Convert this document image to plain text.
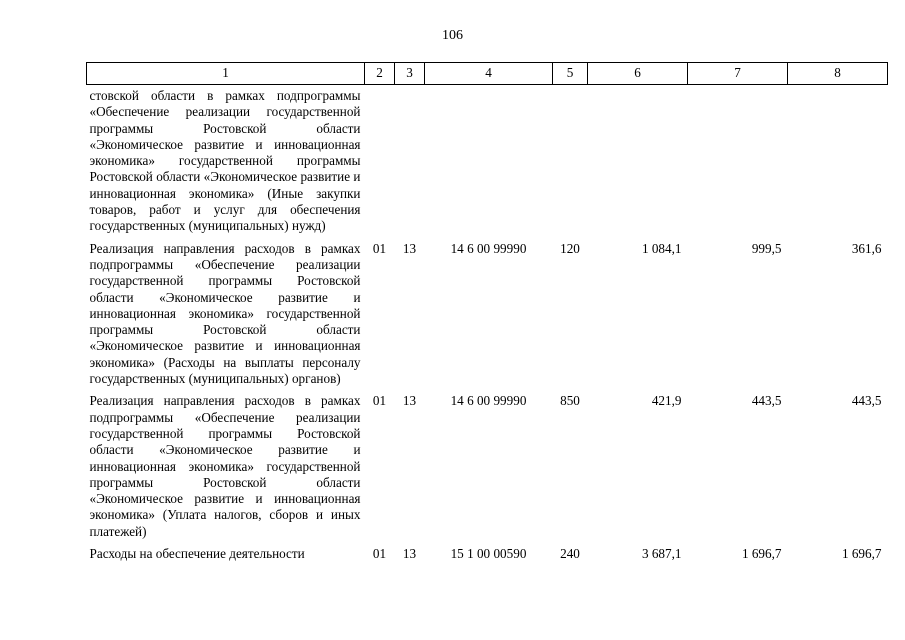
106
1	2	3	4	5	6	7	8
стовской области в рамках подпрограммы «Обеспечение реализации государственной программы Ростовской области «Экономическое развитие и инновационная экономика» государственной программы Ростовской области «Экономическое развитие и инновационная экономика» (Иные закупки товаров, работ и услуг для обеспечения государственных (муниципальных) нужд)							
Реализация направления расходов в рамках подпрограммы «Обеспечение реализации государственной программы Ростовской области «Экономическое развитие и инновационная экономика» государственной программы Ростовской области «Экономическое развитие и инновационная экономика» (Расходы на выплаты персоналу государственных (муниципальных) органов)	01	13	14 6 00 99990	120	1 084,1	999,5	361,6
Реализация направления расходов в рамках подпрограммы «Обеспечение реализации государственной программы Ростовской области «Экономическое развитие и инновационная экономика» государственной программы Ростовской области «Экономическое развитие и инновационная экономика» (Уплата налогов, сборов и иных платежей)	01	13	14 6 00 99990	850	421,9	443,5	443,5
Расходы на обеспечение деятельности	01	13	15 1 00 00590	240	3 687,1	1 696,7	1 696,7
